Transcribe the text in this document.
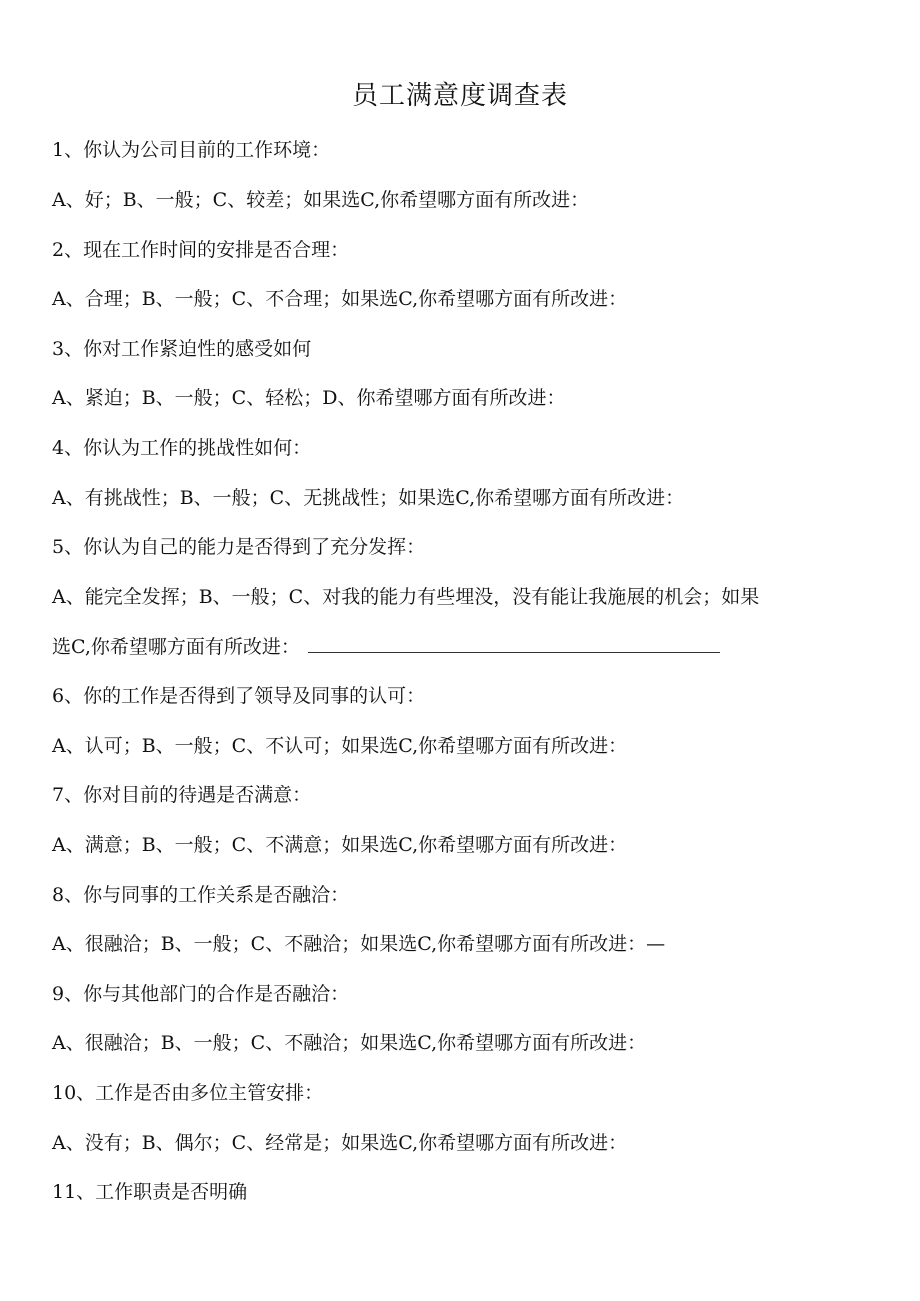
员工满意度调查表
1、你认为公司目前的工作环境：
A、好；B、一般；C、较差；如果选C,你希望哪方面有所改进：
2、现在工作时间的安排是否合理：
A、合理；B、一般；C、不合理；如果选C,你希望哪方面有所改进：
3、你对工作紧迫性的感受如何
A、紧迫；B、一般；C、轻松；D、你希望哪方面有所改进：
4、你认为工作的挑战性如何：
A、有挑战性；B、一般；C、无挑战性；如果选C,你希望哪方面有所改进：
5、你认为自己的能力是否得到了充分发挥：
A、能完全发挥；B、一般；C、对我的能力有些埋没，没有能让我施展的机会；如果
选C,你希望哪方面有所改进：
6、你的工作是否得到了领导及同事的认可：
A、认可；B、一般；C、不认可；如果选C,你希望哪方面有所改进：
7、你对目前的待遇是否满意：
A、满意；B、一般；C、不满意；如果选C,你希望哪方面有所改进：
8、你与同事的工作关系是否融洽：
A、很融洽；B、一般；C、不融洽；如果选C,你希望哪方面有所改进：—
9、你与其他部门的合作是否融洽：
A、很融洽；B、一般；C、不融洽；如果选C,你希望哪方面有所改进：
10、工作是否由多位主管安排：
A、没有；B、偶尔；C、经常是；如果选C,你希望哪方面有所改进：
11、工作职责是否明确
